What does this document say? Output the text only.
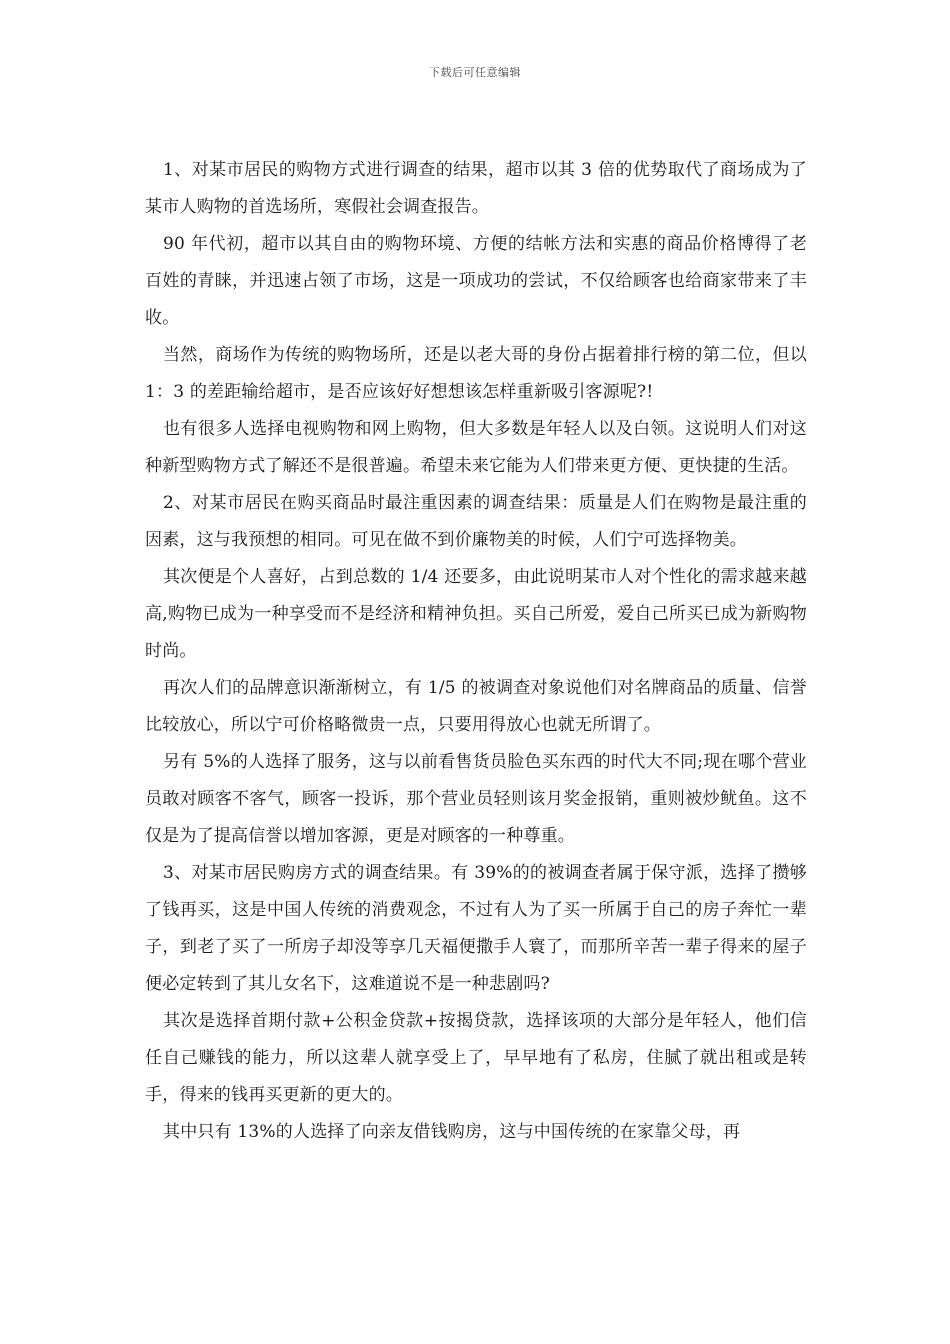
下载后可任意编辑

1、对某市居民的购物方式进行调查的结果，超市以其 3 倍的优势取代了商场成为了某市人购物的首选场所，寒假社会调查报告。

90 年代初，超市以其自由的购物环境、方便的结帐方法和实惠的商品价格博得了老百姓的青睐，并迅速占领了市场，这是一项成功的尝试，不仅给顾客也给商家带来了丰收。

当然，商场作为传统的购物场所，还是以老大哥的身份占据着排行榜的第二位，但以 1：3 的差距输给超市，是否应该好好想想该怎样重新吸引客源呢?!

也有很多人选择电视购物和网上购物，但大多数是年轻人以及白领。这说明人们对这种新型购物方式了解还不是很普遍。希望未来它能为人们带来更方便、更快捷的生活。

2、对某市居民在购买商品时最注重因素的调查结果：质量是人们在购物是最注重的因素，这与我预想的相同。可见在做不到价廉物美的时候，人们宁可选择物美。

其次便是个人喜好，占到总数的 1/4 还要多，由此说明某市人对个性化的需求越来越高,购物已成为一种享受而不是经济和精神负担。买自己所爱，爱自己所买已成为新购物时尚。

再次人们的品牌意识渐渐树立，有 1/5 的被调查对象说他们对名牌商品的质量、信誉比较放心，所以宁可价格略微贵一点，只要用得放心也就无所谓了。

另有 5%的人选择了服务，这与以前看售货员脸色买东西的时代大不同;现在哪个营业员敢对顾客不客气，顾客一投诉，那个营业员轻则该月奖金报销，重则被炒鱿鱼。这不仅是为了提高信誉以增加客源，更是对顾客的一种尊重。

3、对某市居民购房方式的调查结果。有 39%的的被调查者属于保守派，选择了攒够了钱再买，这是中国人传统的消费观念，不过有人为了买一所属于自己的房子奔忙一辈子，到老了买了一所房子却没等享几天福便撒手人寰了，而那所辛苦一辈子得来的屋子便必定转到了其儿女名下，这难道说不是一种悲剧吗?

其次是选择首期付款+公积金贷款+按揭贷款，选择该项的大部分是年轻人，他们信任自己赚钱的能力，所以这辈人就享受上了，早早地有了私房，住腻了就出租或是转手，得来的钱再买更新的更大的。

其中只有 13%的人选择了向亲友借钱购房，这与中国传统的在家靠父母，再
